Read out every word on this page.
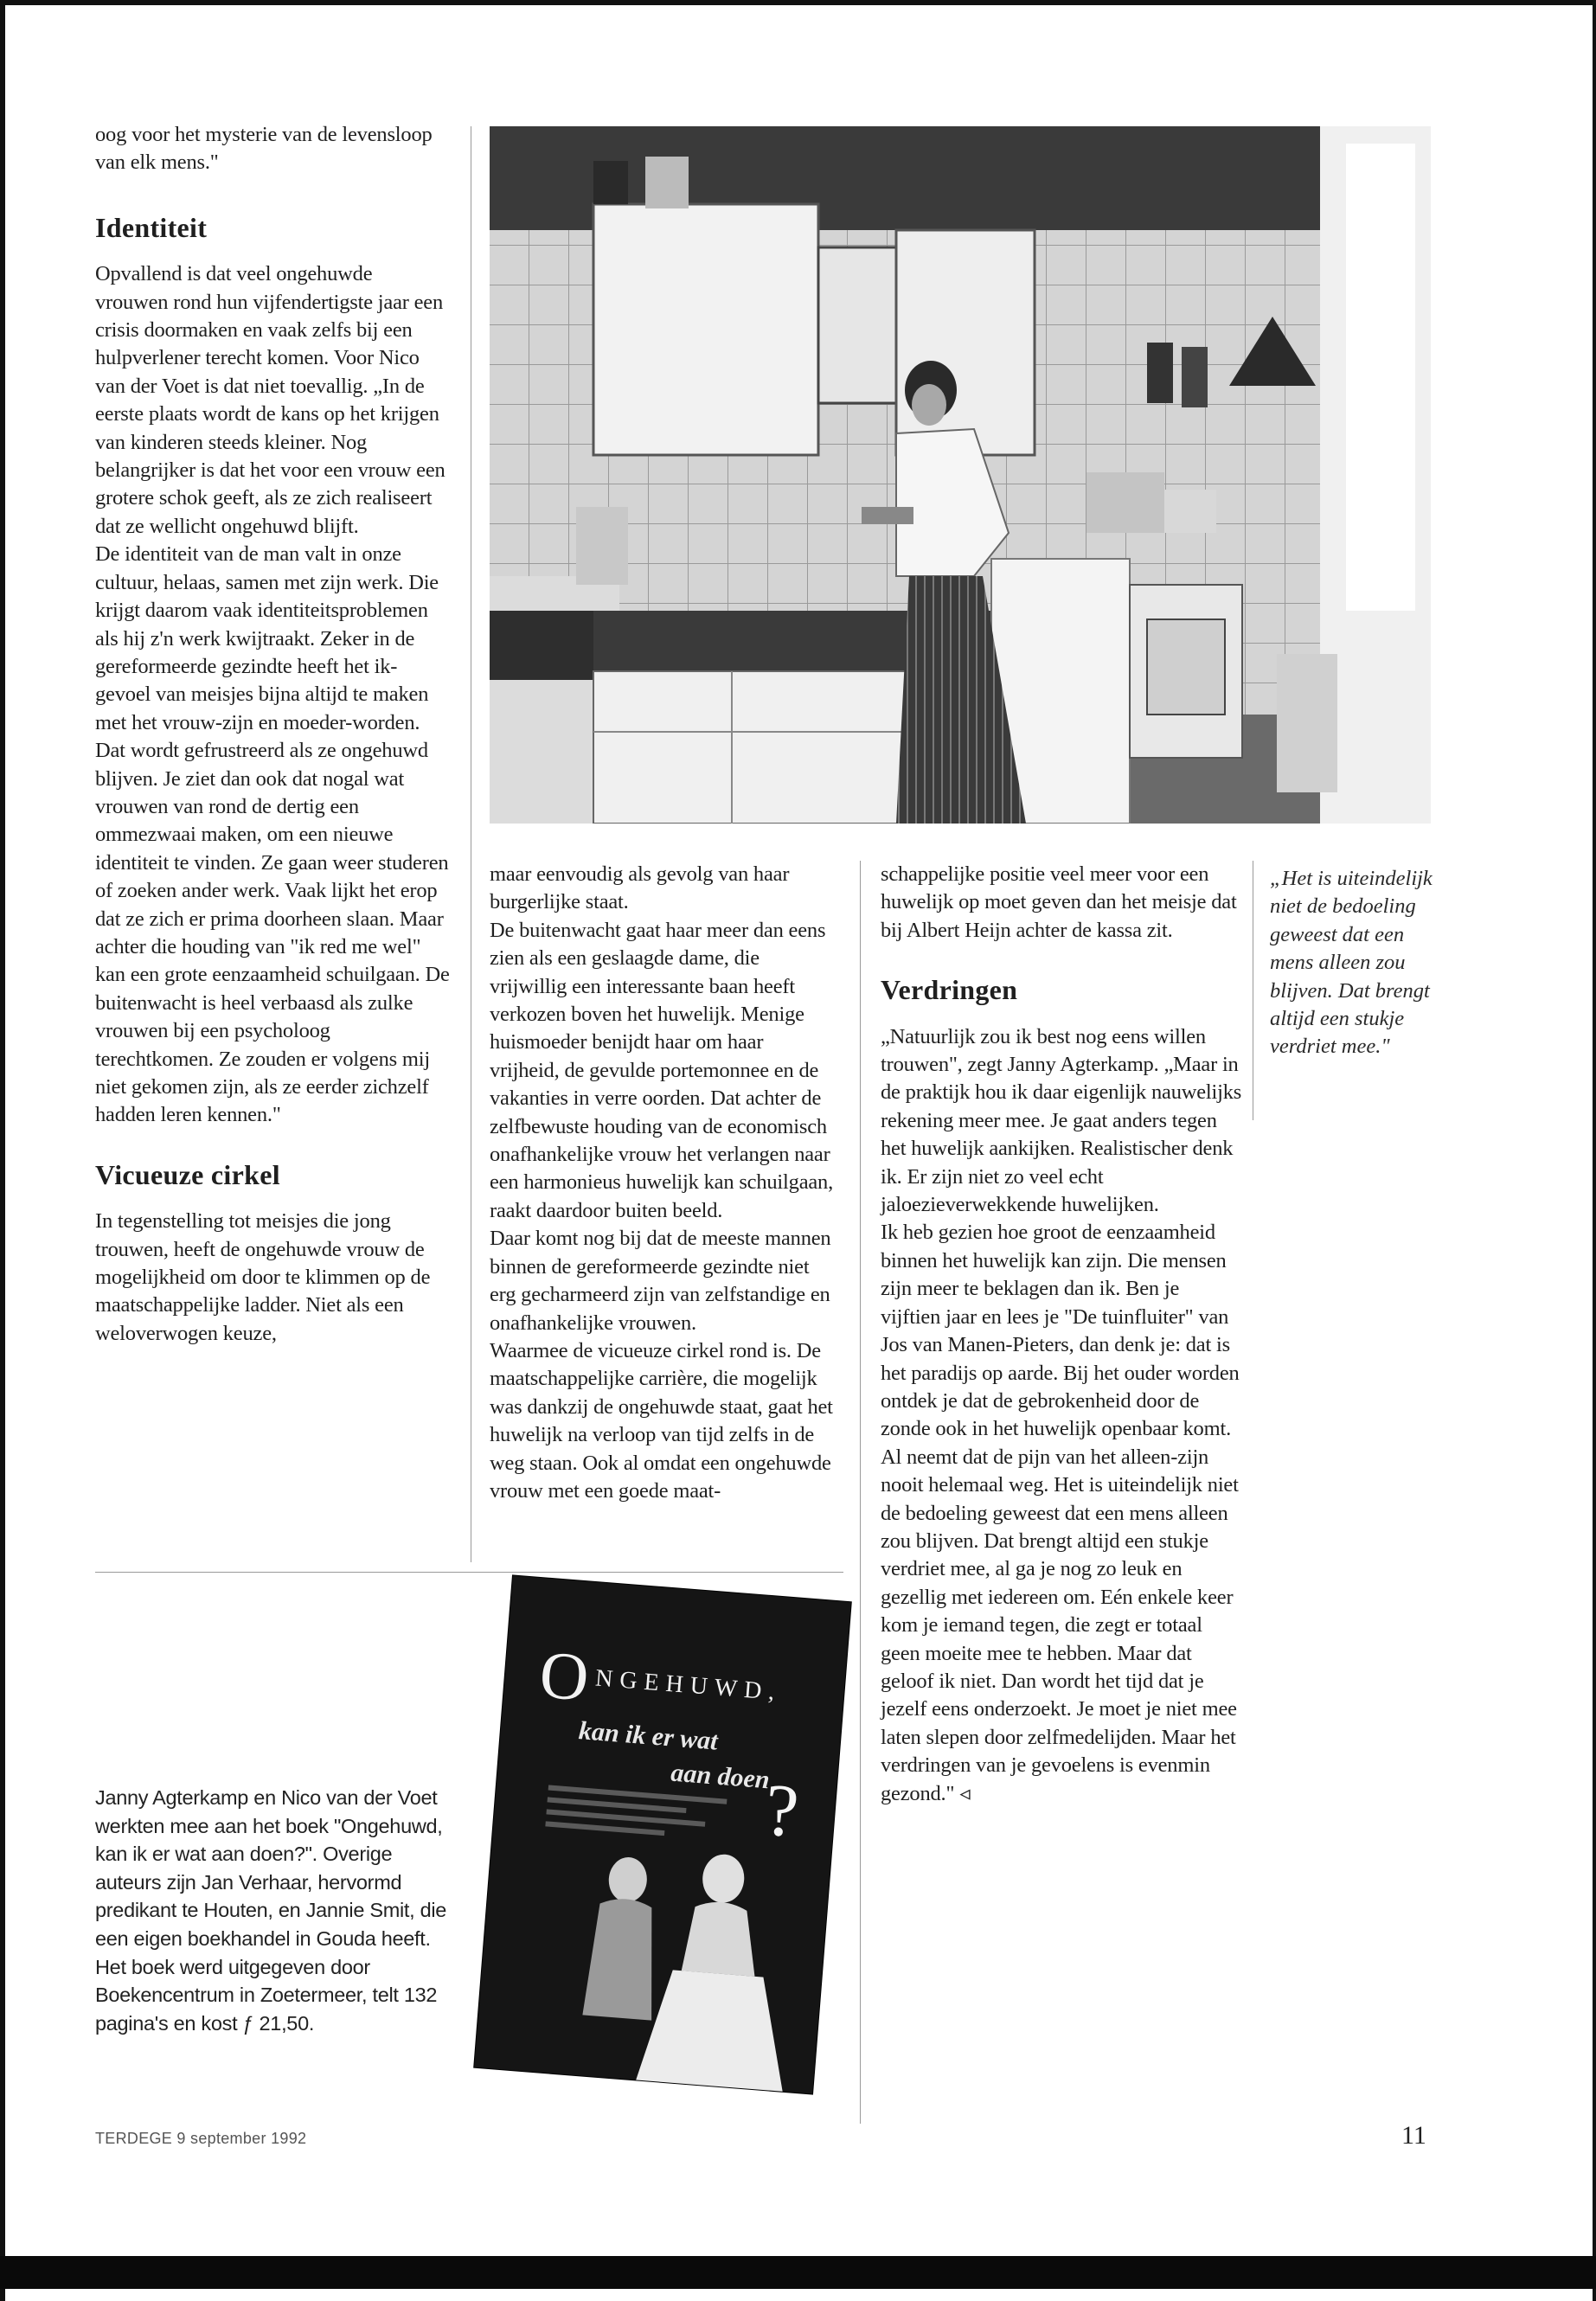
oog voor het mysterie van de levensloop van elk mens."

Identiteit

Opvallend is dat veel ongehuwde vrouwen rond hun vijfendertigste jaar een crisis doormaken en vaak zelfs bij een hulpverlener terecht komen. Voor Nico van der Voet is dat niet toevallig. „In de eerste plaats wordt de kans op het krijgen van kinderen steeds kleiner. Nog belangrijker is dat het voor een vrouw een grotere schok geeft, als ze zich realiseert dat ze wellicht ongehuwd blijft.

De identiteit van de man valt in onze cultuur, helaas, samen met zijn werk. Die krijgt daarom vaak identiteitsproblemen als hij z'n werk kwijtraakt. Zeker in de gereformeerde gezindte heeft het ik-gevoel van meisjes bijna altijd te maken met het vrouw-zijn en moeder-worden. Dat wordt gefrustreerd als ze ongehuwd blijven. Je ziet dan ook dat nogal wat vrouwen van rond de dertig een ommezwaai maken, om een nieuwe identiteit te vinden. Ze gaan weer studeren of zoeken ander werk. Vaak lijkt het erop dat ze zich er prima doorheen slaan. Maar achter die houding van "ik red me wel" kan een grote eenzaamheid schuilgaan. De buitenwacht is heel verbaasd als zulke vrouwen bij een psycholoog terechtkomen. Ze zouden er volgens mij niet gekomen zijn, als ze eerder zichzelf hadden leren kennen."

Vicueuze cirkel

In tegenstelling tot meisjes die jong trouwen, heeft de ongehuwde vrouw de mogelijkheid om door te klimmen op de maatschappelijke ladder. Niet als een weloverwogen keuze,

maar eenvoudig als gevolg van haar burgerlijke staat.

De buitenwacht gaat haar meer dan eens zien als een geslaagde dame, die vrijwillig een interessante baan heeft verkozen boven het huwelijk. Menige huismoeder benijdt haar om haar vrijheid, de gevulde portemonnee en de vakanties in verre oorden. Dat achter de zelfbewuste houding van de economisch onafhankelijke vrouw het verlangen naar een harmonieus huwelijk kan schuilgaan, raakt daardoor buiten beeld.

Daar komt nog bij dat de meeste mannen binnen de gereformeerde gezindte niet erg gecharmeerd zijn van zelfstandige en onafhankelijke vrouwen.

Waarmee de vicueuze cirkel rond is. De maatschappelijke carrière, die mogelijk was dankzij de ongehuwde staat, gaat het huwelijk na verloop van tijd zelfs in de weg staan. Ook al omdat een ongehuwde vrouw met een goede maat-

schappelijke positie veel meer voor een huwelijk op moet geven dan het meisje dat bij Albert Heijn achter de kassa zit.

Verdringen

„Natuurlijk zou ik best nog eens willen trouwen", zegt Janny Agterkamp. „Maar in de praktijk hou ik daar eigenlijk nauwelijks rekening meer mee. Je gaat anders tegen het huwelijk aankijken. Realistischer denk ik. Er zijn niet zo veel echt jaloezieverwekkende huwelijken.

Ik heb gezien hoe groot de eenzaamheid binnen het huwelijk kan zijn. Die mensen zijn meer te beklagen dan ik. Ben je vijftien jaar en lees je "De tuinfluiter" van Jos van Manen-Pieters, dan denk je: dat is het paradijs op aarde. Bij het ouder worden ontdek je dat de gebrokenheid door de zonde ook in het huwelijk openbaar komt. Al neemt dat de pijn van het alleen-zijn nooit helemaal weg. Het is uiteindelijk niet de bedoeling geweest dat een mens alleen zou blijven. Dat brengt altijd een stukje verdriet mee, al ga je nog zo leuk en gezellig met iedereen om. Eén enkele keer kom je iemand tegen, die zegt er totaal geen moeite mee te hebben. Maar dat geloof ik niet. Dan wordt het tijd dat je jezelf eens onderzoekt. Je moet je niet mee laten slepen door zelfmedelijden. Maar het verdringen van je gevoelens is evenmin gezond." ◃

„Het is uiteindelijk niet de bedoeling geweest dat een mens alleen zou blijven. Dat brengt altijd een stukje verdriet mee."
Janny Agterkamp en Nico van der Voet werkten mee aan het boek "Ongehuwd, kan ik er wat aan doen?". Overige auteurs zijn Jan Verhaar, hervormd predikant te Houten, en Jannie Smit, die een eigen boekhandel in Gouda heeft. Het boek werd uitgegeven door Boekencentrum in Zoetermeer, telt 132 pagina's en kost ƒ 21,50.
ONGEHUWD,
kan ik er wat
aan doen
?
TERDEGE 9 september 1992	11
